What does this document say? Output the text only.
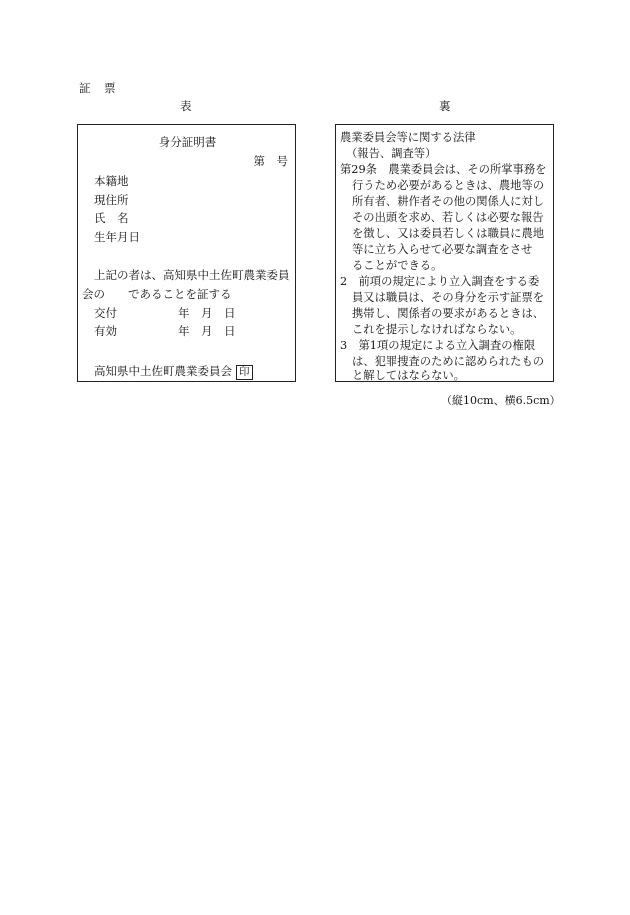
証　票
表	裏
身分証明書
第　号
本籍地
現住所
氏　名
生年月日
上記の者は、高知県中土佐町農業委員
会の　　であることを証する
交付	年　月　日
有効	年　月　日
高知県中土佐町農業委員会 印
農業委員会等に関する法律
（報告、調査等）
第29条　農業委員会は、その所掌事務を
行うため必要があるときは、農地等の
所有者、耕作者その他の関係人に対し
その出頭を求め、若しくは必要な報告
を徴し、又は委員若しくは職員に農地
等に立ち入らせて必要な調査をさせ
ることができる。
2　前項の規定により立入調査をする委
員又は職員は、その身分を示す証票を
携帯し、関係者の要求があるときは、
これを提示しなければならない。
3　第1項の規定による立入調査の権限
は、犯罪捜査のために認められたもの
と解してはならない。
（縦10cm、横6.5cm）
